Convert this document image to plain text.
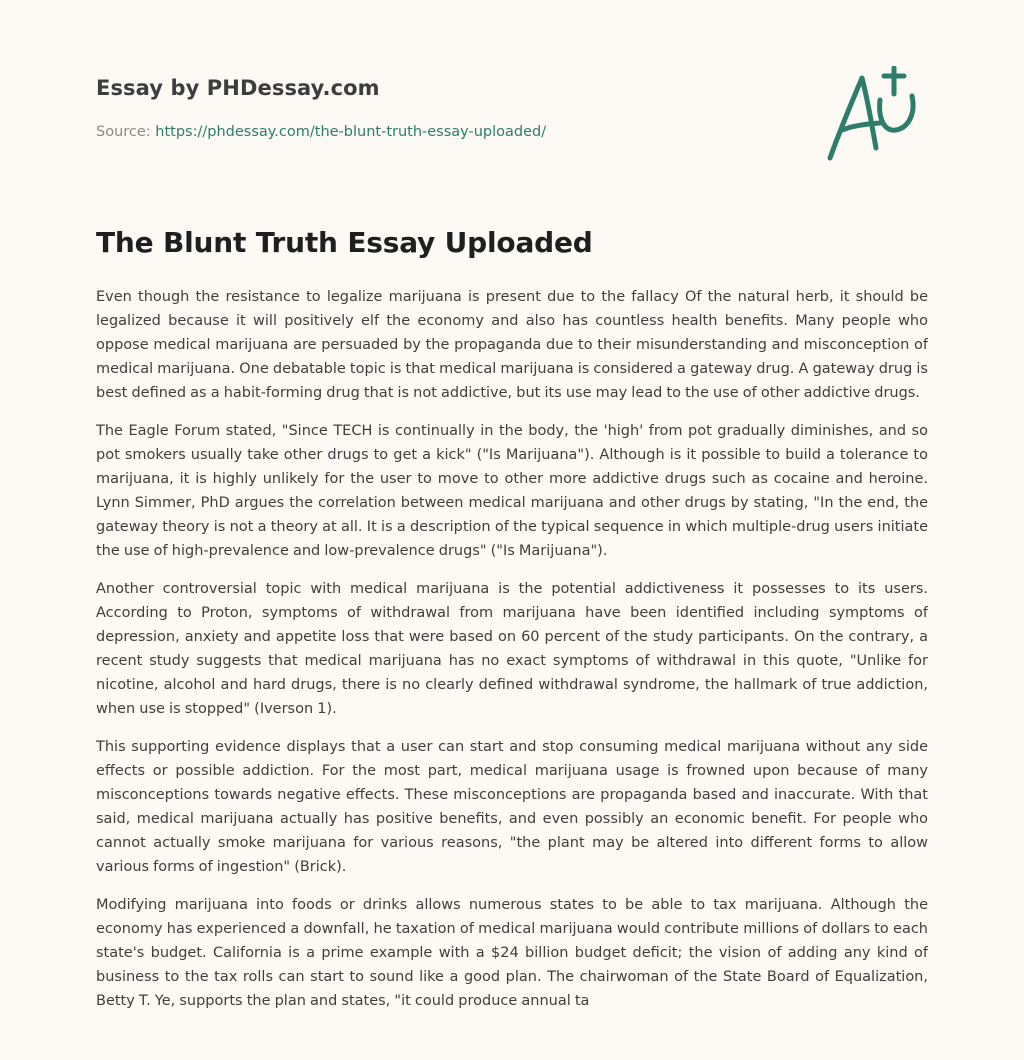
Essay by PHDessay.com
Source: https://phdessay.com/the-blunt-truth-essay-uploaded/
The Blunt Truth Essay Uploaded

Even though the resistance to legalize marijuana is present due to the fallacy Of the natural herb, it should be legalized because it will positively elf the economy and also has countless health benefits. Many people who oppose medical marijuana are persuaded by the propaganda due to their misunderstanding and misconception of medical marijuana. One debatable topic is that medical marijuana is considered a gateway drug. A gateway drug is best defined as a habit-forming drug that is not addictive, but its use may lead to the use of other addictive drugs.

The Eagle Forum stated, "Since TECH is continually in the body, the 'high' from pot gradually diminishes, and so pot smokers usually take other drugs to get a kick" ("Is Marijuana"). Although is it possible to build a tolerance to marijuana, it is highly unlikely for the user to move to other more addictive drugs such as cocaine and heroine. Lynn Simmer, PhD argues the correlation between medical marijuana and other drugs by stating, "In the end, the gateway theory is not a theory at all. It is a description of the typical sequence in which multiple-drug users initiate the use of high-prevalence and low-prevalence drugs" ("Is Marijuana").

Another controversial topic with medical marijuana is the potential addictiveness it possesses to its users. According to Proton, symptoms of withdrawal from marijuana have been identified including symptoms of depression, anxiety and appetite loss that were based on 60 percent of the study participants. On the contrary, a recent study suggests that medical marijuana has no exact symptoms of withdrawal in this quote, "Unlike for nicotine, alcohol and hard drugs, there is no clearly defined withdrawal syndrome, the hallmark of true addiction, when use is stopped" (Iverson 1).

This supporting evidence displays that a user can start and stop consuming medical marijuana without any side effects or possible addiction. For the most part, medical marijuana usage is frowned upon because of many misconceptions towards negative effects. These misconceptions are propaganda based and inaccurate. With that said, medical marijuana actually has positive benefits, and even possibly an economic benefit. For people who cannot actually smoke marijuana for various reasons, "the plant may be altered into different forms to allow various forms of ingestion" (Brick).

Modifying marijuana into foods or drinks allows numerous states to be able to tax marijuana. Although the economy has experienced a downfall, he taxation of medical marijuana would contribute millions of dollars to each state's budget. California is a prime example with a $24 billion budget deficit; the vision of adding any kind of business to the tax rolls can start to sound like a good plan. The chairwoman of the State Board of Equalization, Betty T. Ye, supports the plan and states, "it could produce annual ta
